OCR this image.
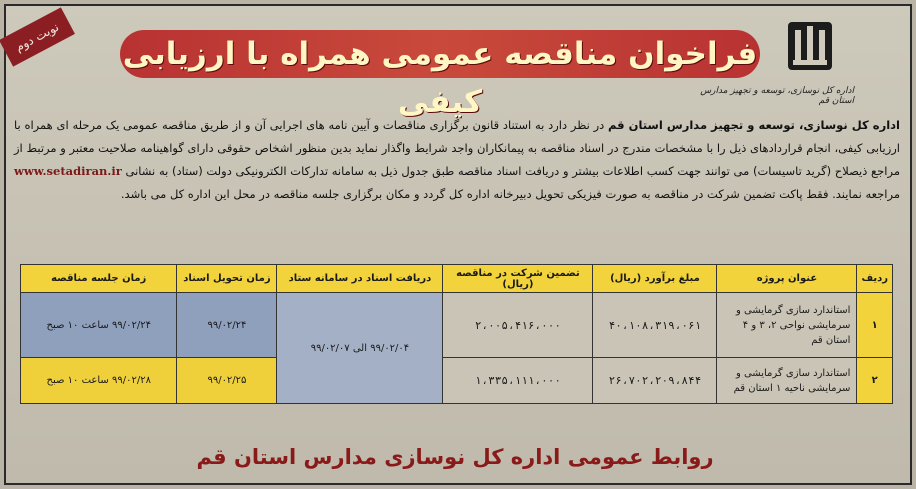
نوبت دوم فراخوان مناقصه عمومی همراه با ارزیابی کیفی	اداره کل نوسازی، توسعه و تجهیز مدارس استان قم
اداره کل نوسازی، توسعه و تجهیز مدارس استان قم در نظر دارد به استناد قانون برگزاری مناقصات و آیین نامه های اجرایی آن و از طریق مناقصه عمومی یک مرحله ای همراه با ارزیابی کیفی، انجام قراردادهای ذیل را با مشخصات مندرج در اسناد مناقصه به پیمانکاران واجد شرایط واگذار نماید بدین منظور اشخاص حقوقی دارای گواهینامه صلاحیت معتبر و مرتبط از مراجع ذیصلاح (گرید تاسیسات) می توانند جهت کسب اطلاعات بیشتر و دریافت اسناد مناقصه طبق جدول ذیل به سامانه تدارکات الکترونیکی دولت (ستاد) به نشانی www.setadiran.ir مراجعه نمایند. فقط پاکت تضمین شرکت در مناقصه به صورت فیزیکی تحویل دبیرخانه اداره کل گردد و مکان برگزاری جلسه مناقصه در محل این اداره کل می باشد.
ردیف	عنوان پروژه	مبلغ برآورد (ریال)	تضمین شرکت در مناقصه (ریال)	دریافت اسناد در سامانه ستاد	زمان تحویل اسناد	زمان جلسه مناقصه
۱	استاندارد سازی گرمایشی و سرمایشی نواحی ۲، ۳ و ۴ استان قم	۴۰،۱۰۸،۳۱۹،۰۶۱	۲،۰۰۵،۴۱۶،۰۰۰	۹۹/۰۲/۰۴ الی ۹۹/۰۲/۰۷	۹۹/۰۲/۲۴	۹۹/۰۲/۲۴ ساعت ۱۰ صبح
۲	استاندارد سازی گرمایشی و سرمایشی ناحیه ۱ استان قم	۲۶،۷۰۲،۲۰۹،۸۴۴	۱،۳۳۵،۱۱۱،۰۰۰		۹۹/۰۲/۲۵	۹۹/۰۲/۲۸ ساعت ۱۰ صبح
روابط عمومی اداره کل نوسازی مدارس استان قم
